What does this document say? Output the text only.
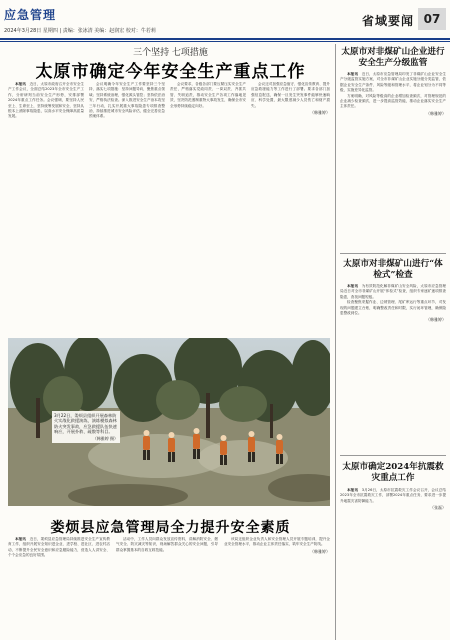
应急管理
2024年3月28日 星期四 | 责编：张冰清 美编：赵润宏 校对：牛若莉
省域要闻 07
三个坚持 七项措施
太原市确定今年安全生产重点工作

本报讯　 近日，太原市政府召开全市安全生产工作会议，全面总结2023年全市安全生产工作，分析研判当前安全生产形势，安排部署2024年重点工作任务。会议强调，要坚持人民至上、生命至上，坚持统筹发展和安全，坚持从根本上消除事故隐患，以高水平安全保障高质量发展。

会议明确今年安全生产工作要坚持三个坚持，落实七项措施：坚持问题导向，聚焦重点领域；坚持系统治理，强化源头管控；坚持依法治安，严格执法检查。深入推进安全生产治本攻坚三年行动，扎实开展重大事故隐患专项排查整治，持续推进城市安全风险评估，健全完善应急预案体系。

会议要求，各级各部门要压紧压实安全生产责任，严格落实党政同责、一岗双责、齐抓共管、失职追责，推动安全生产各项工作落地见效，坚决防范遏制重特大事故发生，确保全市安全形势持续稳定向好。

会议还对加强应急值守、强化宣传教育、提升应急救援能力等工作进行了部署。要求各部门加强信息报送，确保一旦发生突发事件能够快速响应、科学处置，最大限度减少人员伤亡和财产损失。

（韩雅婷）
3月22日，娄烦县组织开展森林防火实战化救援演练，演练模拟森林防火突发事故，应急救援队伍快速响应，开展扑救、疏散等科目。
（韩雅婷 摄）
娄烦县应急管理局全力提升安全素质

本报讯　 近日，娄烦县应急管理局持续推进安全生产宣传教育工作，组织开展安全知识进企业、进学校、进社区、进农村活动，不断提升全民安全意识和应急避险能力，营造人人讲安全、个个会应急的良好氛围。

活动中，工作人员向群众发放宣传资料，讲解消防安全、燃气安全、防灾减灾等知识，现场解答群众关心的安全问题，引导群众掌握基本的自救互救技能。

该局还组织企业负责人和安全管理人员开展专题培训，提升企业安全管理水平，推动企业主体责任落实，筑牢安全生产防线。

（韩雅婷）
太原市对非煤矿山企业进行安全生产分级监管

本报讯　 近日，太原市应急管理局印发了非煤矿山企业安全生产分级监管实施方案，对全市非煤矿山企业实施分级分类监管，依据企业安全生产条件、风险等级和管理水平，将企业划分为不同等级，实施差异化监管。

方案明确，对风险等级高的企业增加检查频次，对管理规范的企业减少检查频次，进一步提高监管效能，推动企业落实安全生产主体责任。

（韩雅婷）
太原市对非煤矿山进行“体检式”检查

本报讯　 为有效防范化解非煤矿山安全风险，太原市应急管理局近日对全市非煤矿山开展“体检式”检查，组织专家逐矿逐项排查隐患，查找问题短板。

检查聚焦采掘作业、边坡管理、尾矿库运行等重点环节，对发现的问题建立台账，明确整改责任和时限，实行闭环管理，确保隐患整改到位。

（韩雅婷）
太原市确定2024年抗震救灾重点工作

本报讯　 3月26日，太原市抗震救灾工作会议召开，会议总结2023年全市抗震救灾工作，部署2024年重点任务，要求进一步提升地震灾害防御能力。

（张磊）
